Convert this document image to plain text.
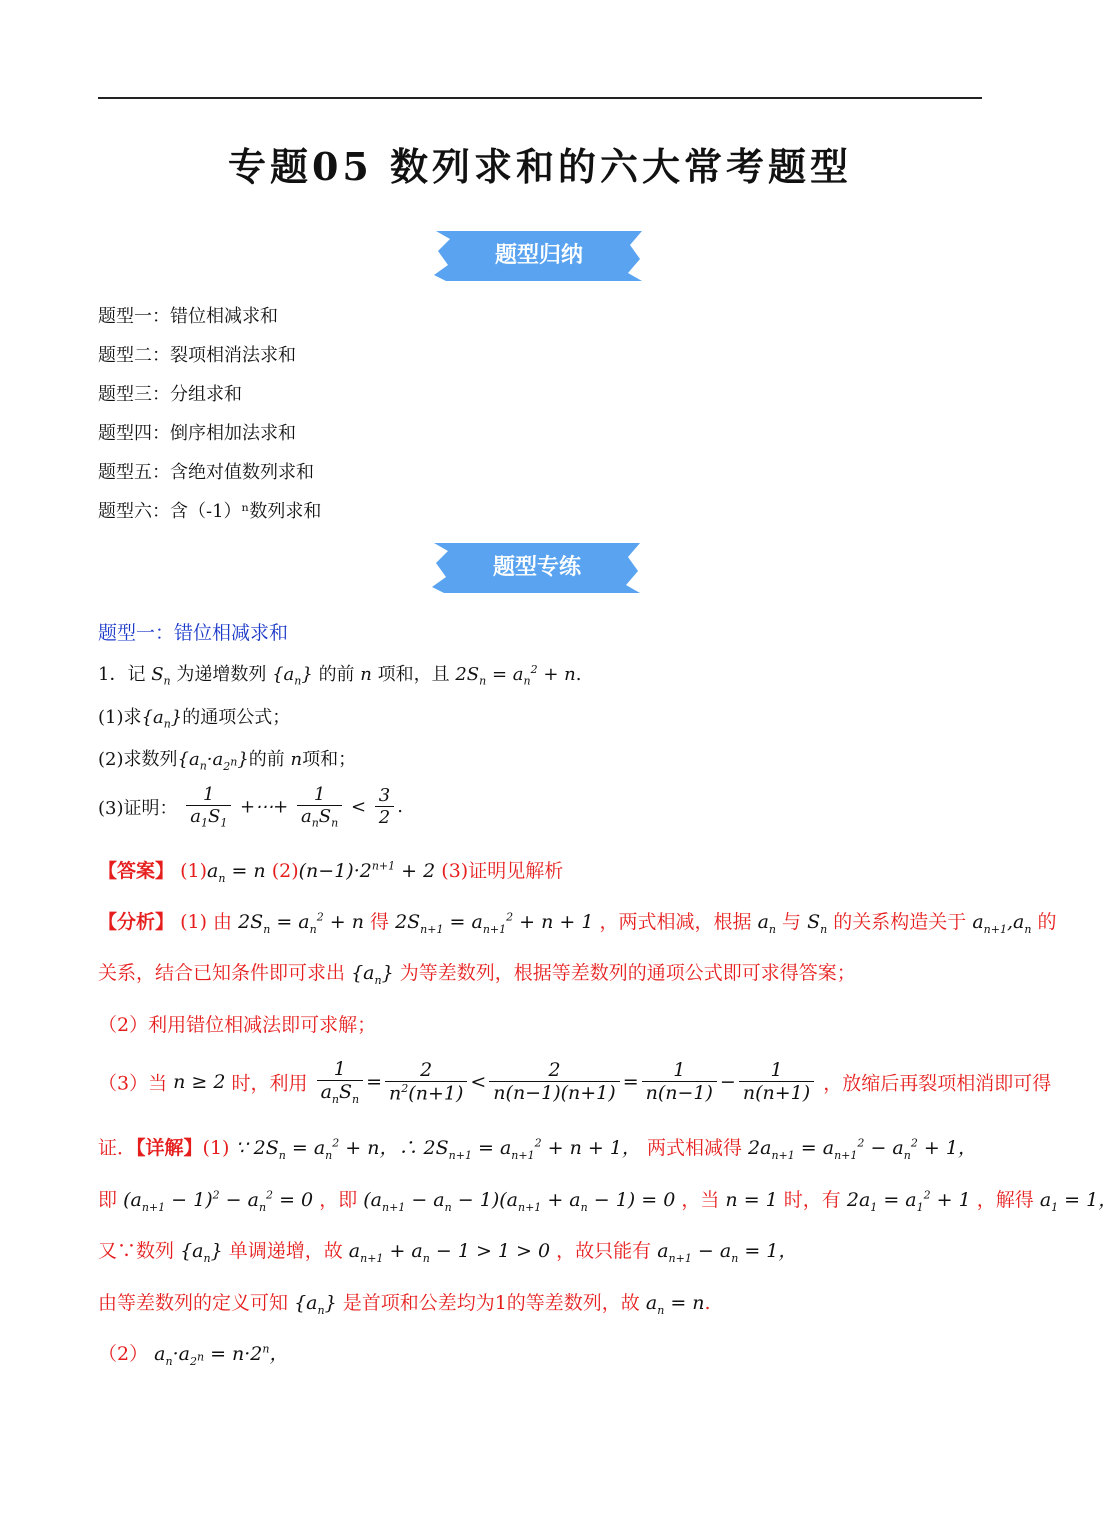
专题05 数列求和的六大常考题型
题型归纳
题型一：错位相减求和
题型二：裂项相消法求和
题型三：分组求和
题型四：倒序相加法求和
题型五：含绝对值数列求和
题型六：含（-1）ⁿ数列求和
题型专练
题型一：错位相减求和
1．记 $S_n$ 为递增数列 $\{a_n\}$ 的前 n 项和，且 $2S_n = a_n^2 + n$.
(1)求$\{a_n\}$的通项公式；
(2)求数列$\{a_n\cdot a_{2^n}\}$的前 n项和；
(3)证明： $\frac{1}{a_1S_1}$ +⋯+ $\frac{1}{a_nS_n} < \frac{3}{2}$ .
【答案】 $(1)a_n = n$ $(2)(n-1)\cdot 2^{n+1} + 2$ (3)证明见解析
【分析】 (1) 由 $2S_n = a_n^2 + n$ 得 $2S_{n+1} = a_{n+1}^2 + n + 1$ ，两式相减，根据 $a_n$ 与 $S_n$ 的关系构造关于 $a_{n+1},a_n$ 的
关系，结合已知条件即可求出 $\{a_n\}$ 为等差数列，根据等差数列的通项公式即可求得答案；
（2）利用错位相减法即可求解；
（3）当 n ≥ 2 时，利用 $\frac{1}{a_nS_n} = \frac{2}{n^2(n+1)} < \frac{2}{n(n-1)(n+1)} = \frac{1}{n(n-1)} - \frac{1}{n(n+1)}$ ，放缩后再裂项相消即可得
证．【详解】(1) ∵ $2S_n = a_n^2 + n$，∴ $2S_{n+1} = a_{n+1}^2 + n + 1$， 两式相减得 $2a_{n+1} = a_{n+1}^2 - a_n^2 + 1$，
即 $(a_{n+1} - 1)^2 - a_n^2 = 0$ ，即 $(a_{n+1} - a_n - 1)(a_{n+1} + a_n - 1) = 0$ ，当 n = 1 时，有 $2a_1 = a_1^2 + 1$ ，解得 $a_1 = 1$，
又∵数列 $\{a_n\}$ 单调递增，故 $a_{n+1} + a_n - 1 > 1 > 0$ ，故只能有 $a_{n+1} - a_n = 1$，
由等差数列的定义可知 $\{a_n\}$ 是首项和公差均为1的等差数列，故 $a_n = n$.
（2） $a_n\cdot a_{2^n} = n\cdot 2^n$，
